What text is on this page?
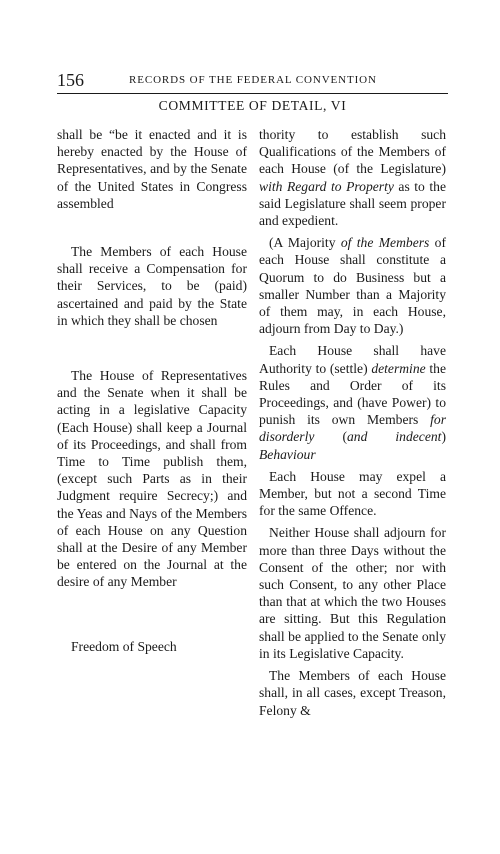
156	RECORDS OF THE FEDERAL CONVENTION
COMMITTEE OF DETAIL, VI

shall be “be it enacted and it is hereby enacted by the House of Representatives, and by the Senate of the United States in Congress assembled

The Members of each House shall receive a Compensation for their Services, to be (paid) ascertained and paid by the State in which they shall be chosen

The House of Representatives and the Senate when it shall be acting in a legislative Capacity (Each House) shall keep a Journal of its Proceedings, and shall from Time to Time publish them, (except such Parts as in their Judgment require Secrecy;) and the Yeas and Nays of the Members of each House on any Question shall at the Desire of any Member be entered on the Journal at the desire of any Member

Freedom of Speech

thority to establish such Qualifications of the Members of each House (of the Legislature) with Regard to Property as to the said Legislature shall seem proper and expedient.

(A Majority of the Members of each House shall constitute a Quorum to do Business but a smaller Number than a Majority of them may, in each House, adjourn from Day to Day.)

Each House shall have Authority to (settle) determine the Rules and Order of its Proceedings, and (have Power) to punish its own Members for disorderly (and indecent) Behaviour

Each House may expel a Member, but not a second Time for the same Offence.

Neither House shall adjourn for more than three Days without the Consent of the other; nor with such Consent, to any other Place than that at which the two Houses are sitting. But this Regulation shall be applied to the Senate only in its Legislative Capacity.

The Members of each House shall, in all cases, except Treason, Felony &
